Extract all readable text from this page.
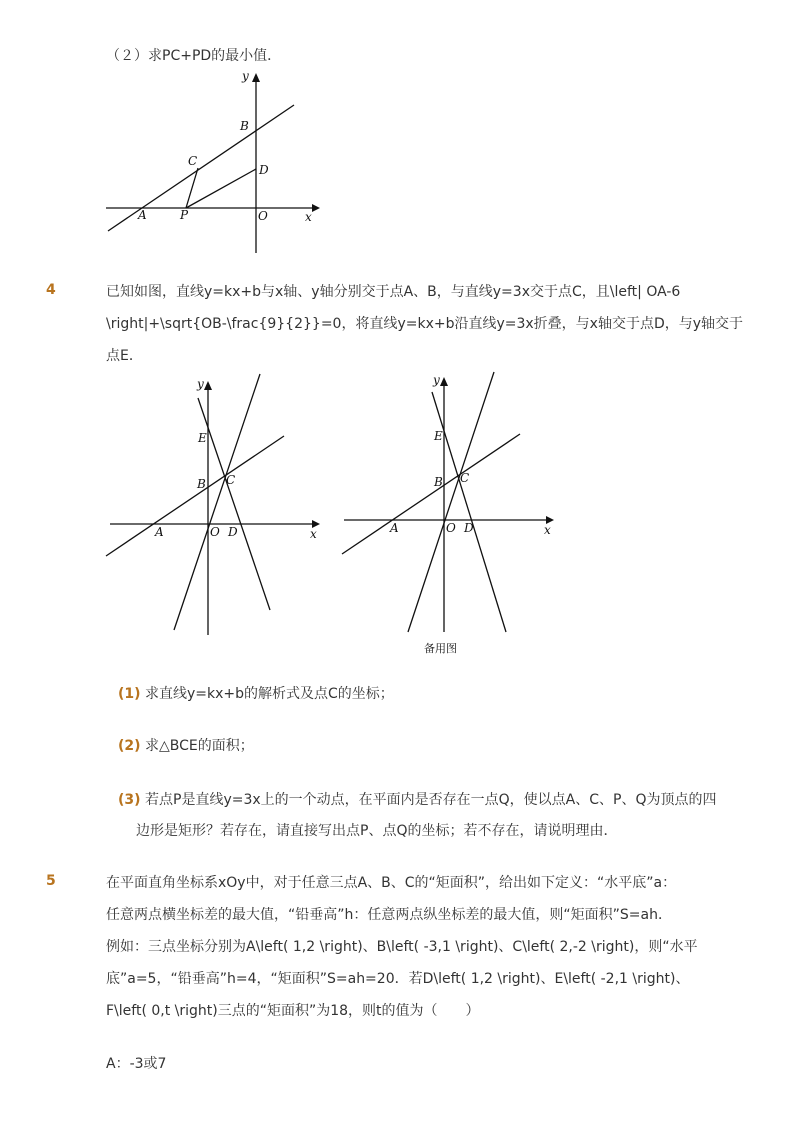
（２）求PC+PD的最小值．
y
x
A	P	O
C
D
B
4	已知如图，直线y=kx+b与x轴、y轴分别交于点A、B，与直线y=3x交于点C，且\left| OA-6
\right|+\sqrt{OB-\frac{9}{2}}=0，将直线y=kx+b沿直线y=3x折叠，与x轴交于点D，与y轴交于
点E．
y
x
E
B C
A	O D
y
x
E
B C
A	O D
备用图
(1) 求直线y=kx+b的解析式及点C的坐标；
(2) 求△BCE的面积；
(3) 若点P是直线y=3x上的一个动点，在平面内是否存在一点Q，使以点A、C、P、Q为顶点的四
边形是矩形？若存在，请直接写出点P、点Q的坐标；若不存在，请说明理由．
5	在平面直角坐标系xOy中，对于任意三点A、B、C的“矩面积”，给出如下定义：“水平底”a：
任意两点横坐标差的最大值，“铅垂高”h：任意两点纵坐标差的最大值，则“矩面积”S=ah．
例如：三点坐标分别为A\left( 1,2 \right)、B\left( -3,1 \right)、C\left( 2,-2 \right)，则“水平
底”a=5，“铅垂高”h=4，“矩面积”S=ah=20．若D\left( 1,2 \right)、E\left( -2,1 \right)、
F\left( 0,t \right)三点的“矩面积”为18，则t的值为（　　）
A：-3或7
